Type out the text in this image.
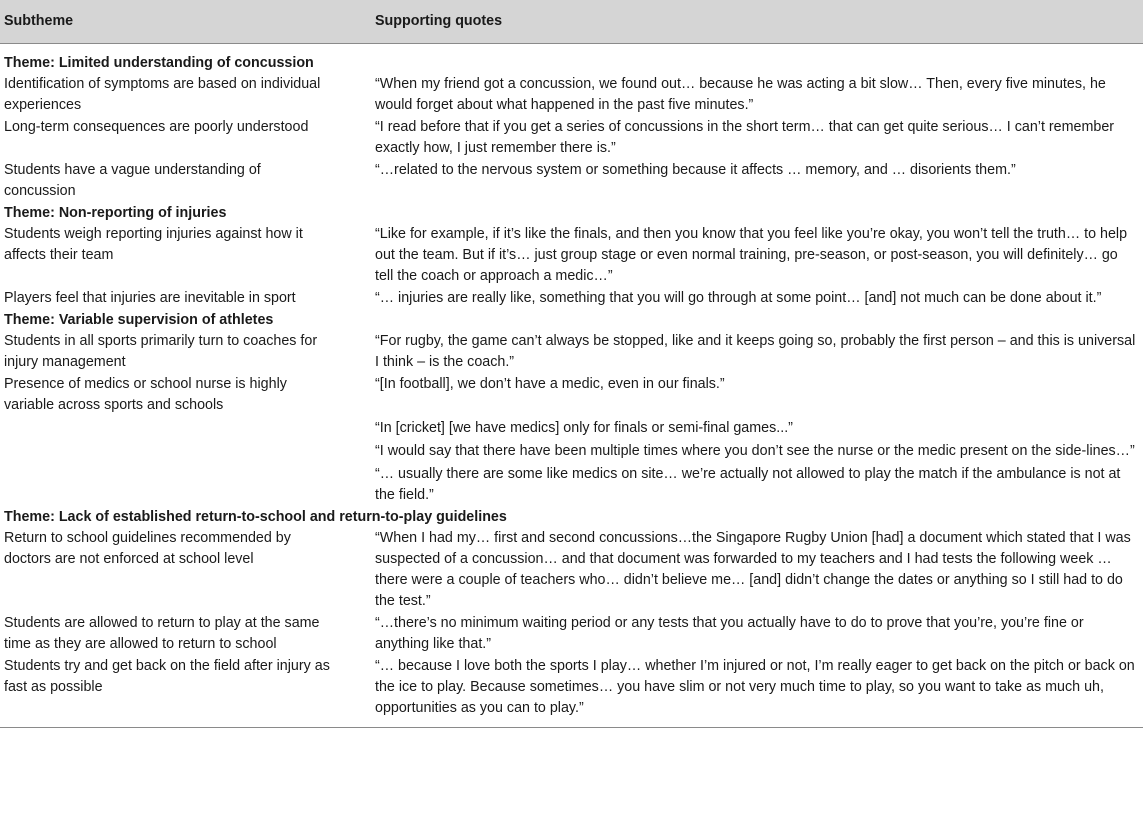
Subtheme	Supporting quotes
Theme: Limited understanding of concussion	
Identification of symptoms are based on individual experiences	“When my friend got a concussion, we found out… because he was acting a bit slow… Then, every five minutes, he would forget about what happened in the past five minutes.”
Long-term consequences are poorly understood	“I read before that if you get a series of concussions in the short term… that can get quite serious… I can’t remember exactly how, I just remember there is.”
Students have a vague understanding of concussion	“…related to the nervous system or something because it affects … memory, and … disorients them.”
Theme: Non-reporting of injuries	
Students weigh reporting injuries against how it affects their team	“Like for example, if it’s like the finals, and then you know that you feel like you’re okay, you won’t tell the truth… to help out the team. But if it’s… just group stage or even normal training, pre-season, or post-season, you will definitely… go tell the coach or approach a medic…”
Players feel that injuries are inevitable in sport	“… injuries are really like, something that you will go through at some point… [and] not much can be done about it.”
Theme: Variable supervision of athletes	
Students in all sports primarily turn to coaches for injury management	“For rugby, the game can’t always be stopped, like and it keeps going so, probably the first person – and this is universal I think – is the coach.”
Presence of medics or school nurse is highly variable across sports and schools	“[In football], we don’t have a medic, even in our finals.”
	“In [cricket] [we have medics] only for finals or semi-final games...”
	“I would say that there have been multiple times where you don’t see the nurse or the medic present on the side-lines…”
	“… usually there are some like medics on site… we’re actually not allowed to play the match if the ambulance is not at the field.”
Theme: Lack of established return-to-school and return-to-play guidelines	
Return to school guidelines recommended by doctors are not enforced at school level	“When I had my… first and second concussions…the Singapore Rugby Union [had] a document which stated that I was suspected of a concussion… and that document was forwarded to my teachers and I had tests the following week … there were a couple of teachers who… didn’t believe me… [and] didn’t change the dates or anything so I still had to do the test.”
Students are allowed to return to play at the same time as they are allowed to return to school	“…there’s no minimum waiting period or any tests that you actually have to do to prove that you’re, you’re fine or anything like that.”
Students try and get back on the field after injury as fast as possible	“… because I love both the sports I play… whether I’m injured or not, I’m really eager to get back on the pitch or back on the ice to play. Because sometimes… you have slim or not very much time to play, so you want to take as much uh, opportunities as you can to play.”
